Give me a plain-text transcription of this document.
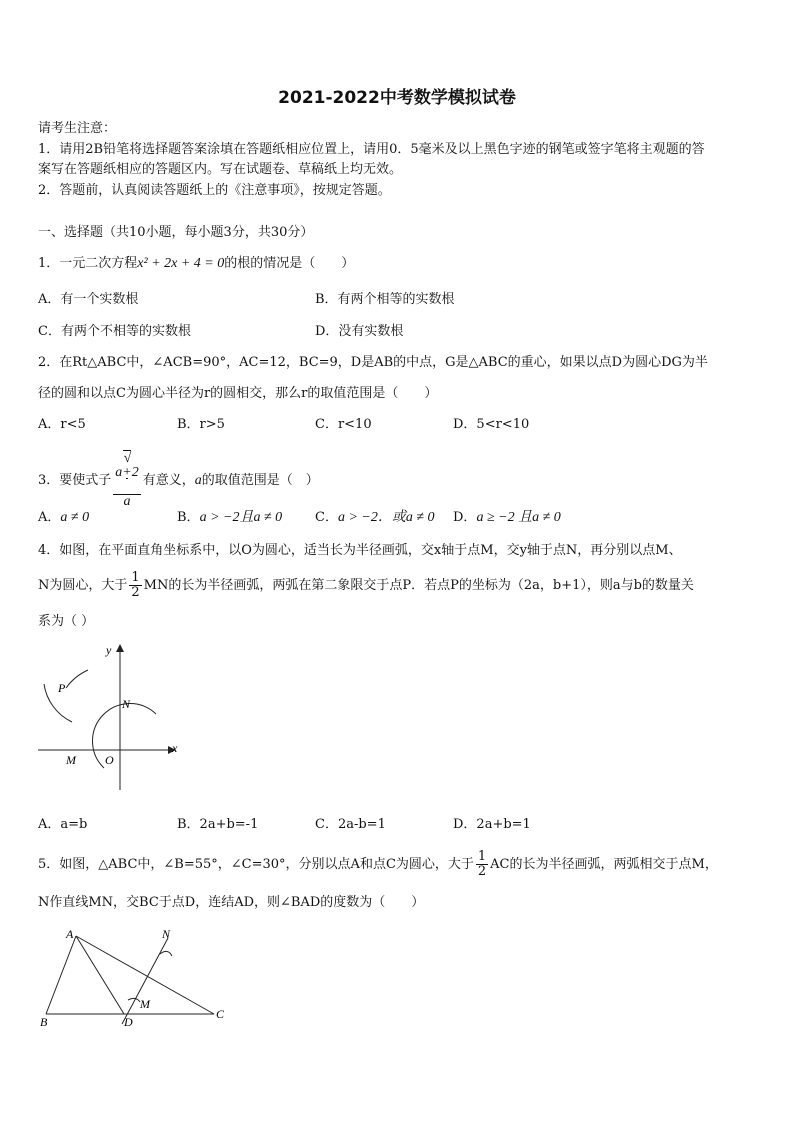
2021-2022中考数学模拟试卷
请考生注意：
1．请用2B铅笔将选择题答案涂填在答题纸相应位置上，请用0．5毫米及以上黑色字迹的钢笔或签字笔将主观题的答
案写在答题纸相应的答题区内。写在试题卷、草稿纸上均无效。
2．答题前，认真阅读答题纸上的《注意事项》，按规定答题。
一、选择题（共10小题，每小题3分，共30分）
1．一元二次方程x² + 2x + 4 = 0的根的情况是（　　）
A．有一个实数根	B．有两个相等的实数根
C．有两个不相等的实数根	D．没有实数根
2．在Rt△ABC中，∠ACB=90°，AC=12，BC=9，D是AB的中点，G是△ABC的重心，如果以点D为圆心DG为半
径的圆和以点C为圆心半径为r的圆相交，那么r的取值范围是（　　）
A．r<5	B．r>5	C．r<10	D．5<r<10
3．要使式子 √
a+2
a 有意义，a的取值范围是（　）
A．a ≠ 0	B．a > −2且a ≠ 0	C．a > −2．或a ≠ 0 D．a ≥ −2 且a ≠ 0
4．如图，在平面直角坐标系中，以O为圆心，适当长为半径画弧，交x轴于点M，交y轴于点N，再分别以点M、
N为圆心，大于 $\frac{1}{2}$ MN的长为半径画弧，两弧在第二象限交于点P．若点P的坐标为（2a，b+1），则a与b的数量关
系为（ ）
y
x
P
N
M O
A．a=b	B．2a+b=-1	C．2a-b=1	D．2a+b=1
5．如图，△ABC中，∠B=55°，∠C=30°，分别以点A和点C为圆心，大于 $\frac{1}{2}$ AC的长为半径画弧，两弧相交于点M，
N作直线MN，交BC于点D，连结AD，则∠BAD的度数为（　　）
A
B
C
D
M
N
